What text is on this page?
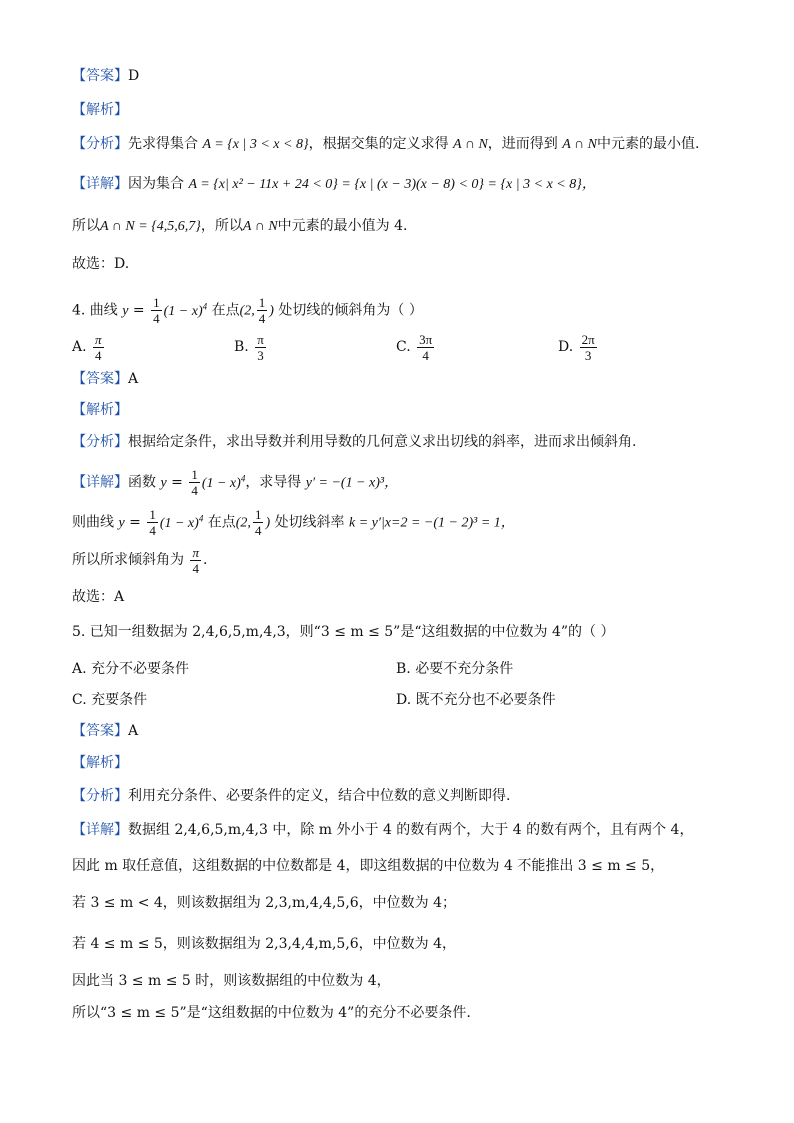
【答案】D
【解析】
【分析】先求得集合 A = {x | 3 < x < 8}，根据交集的定义求得 A ∩ N，进而得到 A ∩ N中元素的最小值.
【详解】因为集合 A = {x| x² − 11x + 24 < 0} = {x | (x − 3)(x − 8) < 0} = {x | 3 < x < 8}，
所以A ∩ N = {4,5,6,7}，所以A ∩ N中元素的最小值为 4.
故选：D.
4. 曲线 $y = \frac{1}{4} (1 - x)^4$ 在点(2, $\frac{1}{4}$ ) 处切线的倾斜角为（ ）
A. $\frac{\pi}{4}$	B. $\frac{\pi}{3}$	C. $\frac{3\pi}{4}$	D. $\frac{2\pi}{3}$
【答案】A
【解析】
【分析】根据给定条件，求出导数并利用导数的几何意义求出切线的斜率，进而求出倾斜角.
【详解】函数 $y = \frac{1}{4} (1 - x)^4$，求导得 y′ = −(1 − x)³，
则曲线 $y = \frac{1}{4} (1 - x)^4$ 在点(2, $\frac{1}{4}$ ) 处切线斜率 k = y′|x=2 = −(1 − 2)³ = 1，
所以所求倾斜角为 $\frac{\pi}{4}$ .
故选：A
5. 已知一组数据为 2,4,6,5,m,4,3，则“3 ≤ m ≤ 5”是“这组数据的中位数为 4”的（ ）
A. 充分不必要条件	B. 必要不充分条件
C. 充要条件	D. 既不充分也不必要条件
【答案】A
【解析】
【分析】利用充分条件、必要条件的定义，结合中位数的意义判断即得.
【详解】数据组 2,4,6,5,m,4,3 中，除 m 外小于 4 的数有两个，大于 4 的数有两个，且有两个 4，
因此 m 取任意值，这组数据的中位数都是 4，即这组数据的中位数为 4 不能推出 3 ≤ m ≤ 5，
若 3 ≤ m < 4，则该数据组为 2,3,m,4,4,5,6，中位数为 4；
若 4 ≤ m ≤ 5，则该数据组为 2,3,4,4,m,5,6，中位数为 4，
因此当 3 ≤ m ≤ 5 时，则该数据组的中位数为 4，
所以“3 ≤ m ≤ 5”是“这组数据的中位数为 4”的充分不必要条件.
